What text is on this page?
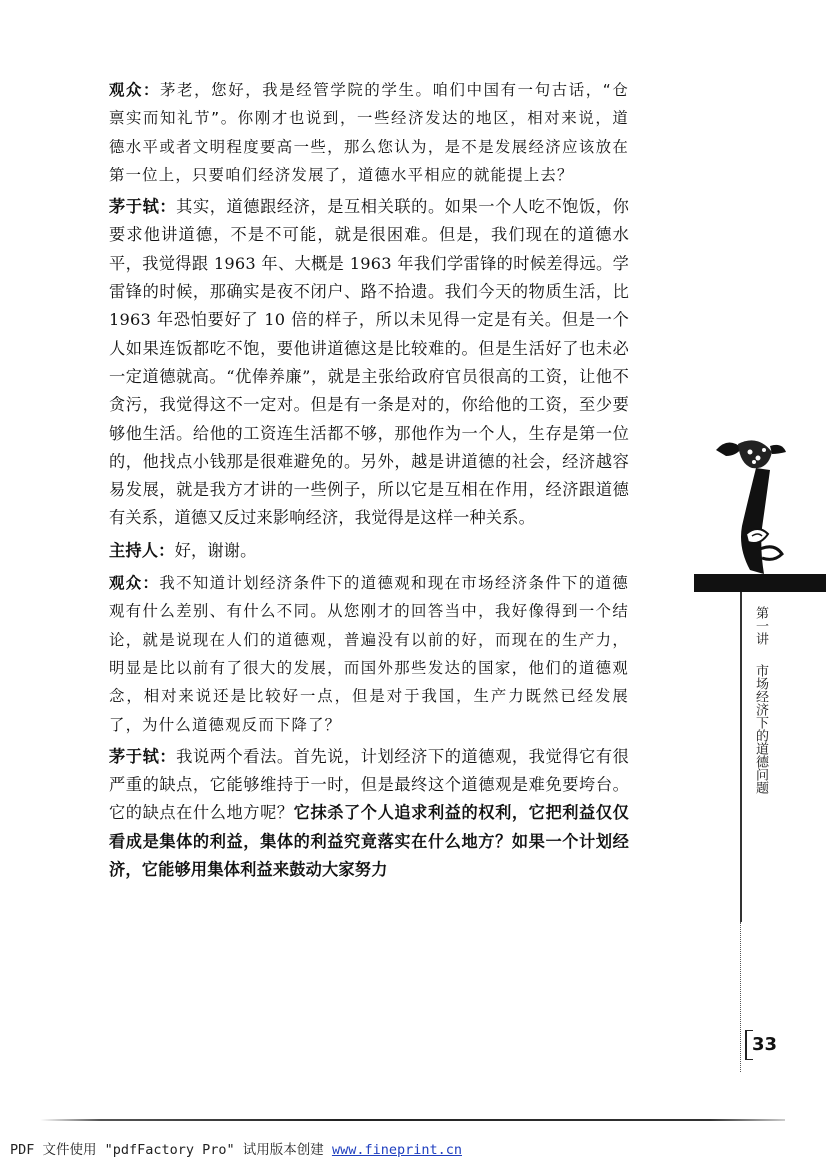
观众：茅老，您好，我是经管学院的学生。咱们中国有一句古话，“仓禀实而知礼节”。你刚才也说到，一些经济发达的地区，相对来说，道德水平或者文明程度要高一些，那么您认为，是不是发展经济应该放在第一位上，只要咱们经济发展了，道德水平相应的就能提上去？

茅于轼：其实，道德跟经济，是互相关联的。如果一个人吃不饱饭，你要求他讲道德，不是不可能，就是很困难。但是，我们现在的道德水平，我觉得跟 1963 年、大概是 1963 年我们学雷锋的时候差得远。学雷锋的时候，那确实是夜不闭户、路不拾遗。我们今天的物质生活，比 1963 年恐怕要好了 10 倍的样子，所以未见得一定是有关。但是一个人如果连饭都吃不饱，要他讲道德这是比较难的。但是生活好了也未必一定道德就高。“优俸养廉”，就是主张给政府官员很高的工资，让他不贪污，我觉得这不一定对。但是有一条是对的，你给他的工资，至少要够他生活。给他的工资连生活都不够，那他作为一个人，生存是第一位的，他找点小钱那是很难避免的。另外，越是讲道德的社会，经济越容易发展，就是我方才讲的一些例子，所以它是互相在作用，经济跟道德有关系，道德又反过来影响经济，我觉得是这样一种关系。

主持人：好，谢谢。

观众：我不知道计划经济条件下的道德观和现在市场经济条件下的道德观有什么差别、有什么不同。从您刚才的回答当中，我好像得到一个结论，就是说现在人们的道德观，普遍没有以前的好，而现在的生产力，明显是比以前有了很大的发展，而国外那些发达的国家，他们的道德观念，相对来说还是比较好一点，但是对于我国，生产力既然已经发展了，为什么道德观反而下降了？

茅于轼：我说两个看法。首先说，计划经济下的道德观，我觉得它有很严重的缺点，它能够维持于一时，但是最终这个道德观是难免要垮台。它的缺点在什么地方呢？它抹杀了个人追求利益的权利，它把利益仅仅看成是集体的利益，集体的利益究竟落实在什么地方？如果一个计划经济，它能够用集体利益来鼓动大家努力

第一讲
市场经济下的道德问题
33
PDF 文件使用 "pdfFactory Pro" 试用版本创建 www.fineprint.cn
